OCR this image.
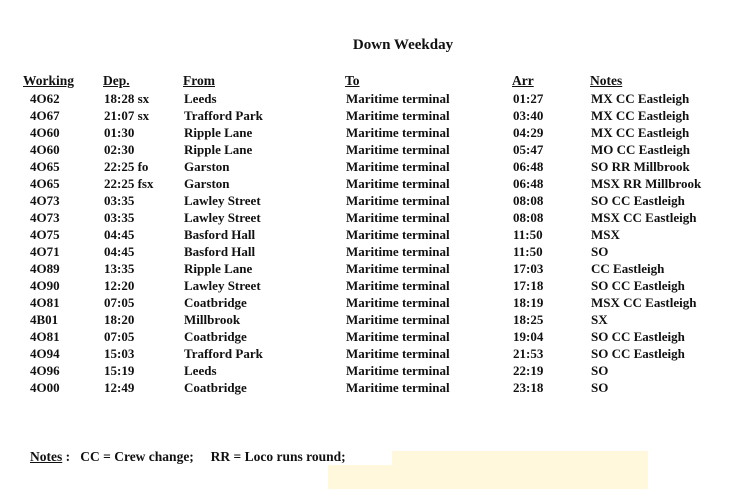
Down Weekday
Working Dep.	From	To	Arr	Notes
4O62	18:28 sx	Leeds	Maritime terminal	01:27	MX CC Eastleigh
4O67	21:07 sx	Trafford Park	Maritime terminal	03:40	MX CC Eastleigh
4O60	01:30	Ripple Lane	Maritime terminal	04:29	MX CC Eastleigh
4O60	02:30	Ripple Lane	Maritime terminal	05:47	MO CC Eastleigh
4O65	22:25 fo	Garston	Maritime terminal	06:48	SO RR Millbrook
4O65	22:25 fsx Garston	Maritime terminal	06:48	MSX RR Millbrook
4O73	03:35	Lawley Street	Maritime terminal	08:08	SO CC Eastleigh
4O73	03:35	Lawley Street	Maritime terminal	08:08	MSX CC Eastleigh
4O75	04:45	Basford Hall	Maritime terminal	11:50	MSX
4O71	04:45	Basford Hall	Maritime terminal	11:50	SO
4O89	13:35	Ripple Lane	Maritime terminal	17:03	CC Eastleigh
4O90	12:20	Lawley Street	Maritime terminal	17:18	SO CC Eastleigh
4O81	07:05	Coatbridge	Maritime terminal	18:19	MSX CC Eastleigh
4B01	18:20	Millbrook	Maritime terminal	18:25	SX
4O81	07:05	Coatbridge	Maritime terminal	19:04	SO CC Eastleigh
4O94	15:03	Trafford Park	Maritime terminal	21:53	SO CC Eastleigh
4O96	15:19	Leeds	Maritime terminal	22:19	SO
4O00	12:49	Coatbridge	Maritime terminal	23:18	SO
Notes :   CC = Crew change;     RR = Loco runs round;
